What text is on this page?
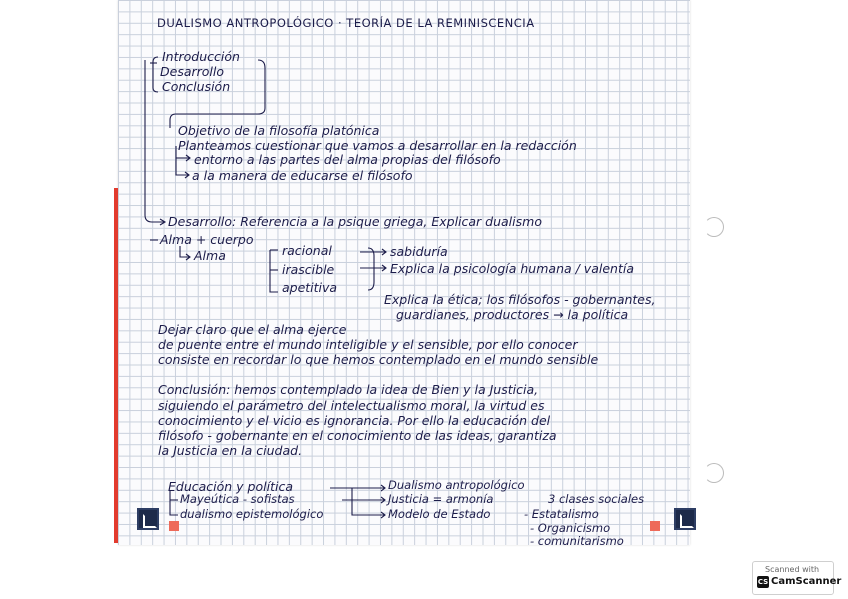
DUALISMO ANTROPOLÓGICO · TEORÍA DE LA REMINISCENCIA
Introducción
Desarrollo
Conclusión
Objetivo de la filosofía platónica
Planteamos cuestionar que vamos a desarrollar en la redacción
entorno a las partes del alma propias del filósofo
a la manera de educarse el filósofo
Desarrollo: Referencia a la psique griega, Explicar dualismo
Alma + cuerpo
Alma	racional
irascible
apetitiva
sabiduría
Explica la psicología humana / valentía
Explica la ética; los filósofos - gobernantes,
guardianes, productores → la política
Dejar claro que el alma ejerce
de puente entre el mundo inteligible y el sensible, por ello conocer
consiste en recordar lo que hemos contemplado en el mundo sensible
Conclusión: hemos contemplado la idea de Bien y la Justicia,
siguiendo el parámetro del intelectualismo moral, la virtud es
conocimiento y el vicio es ignorancia. Por ello la educación del
filósofo - gobernante en el conocimiento de las ideas, garantiza
la Justicia en la ciudad.
Educación y política
Mayeútica - sofistas
dualismo epistemológico
Dualismo antropológico
Justicia = armonía	3 clases sociales
Modelo de Estado	- Estatalismo
- Organicismo
- comunitarismo
Scanned with
CS CamScanner
